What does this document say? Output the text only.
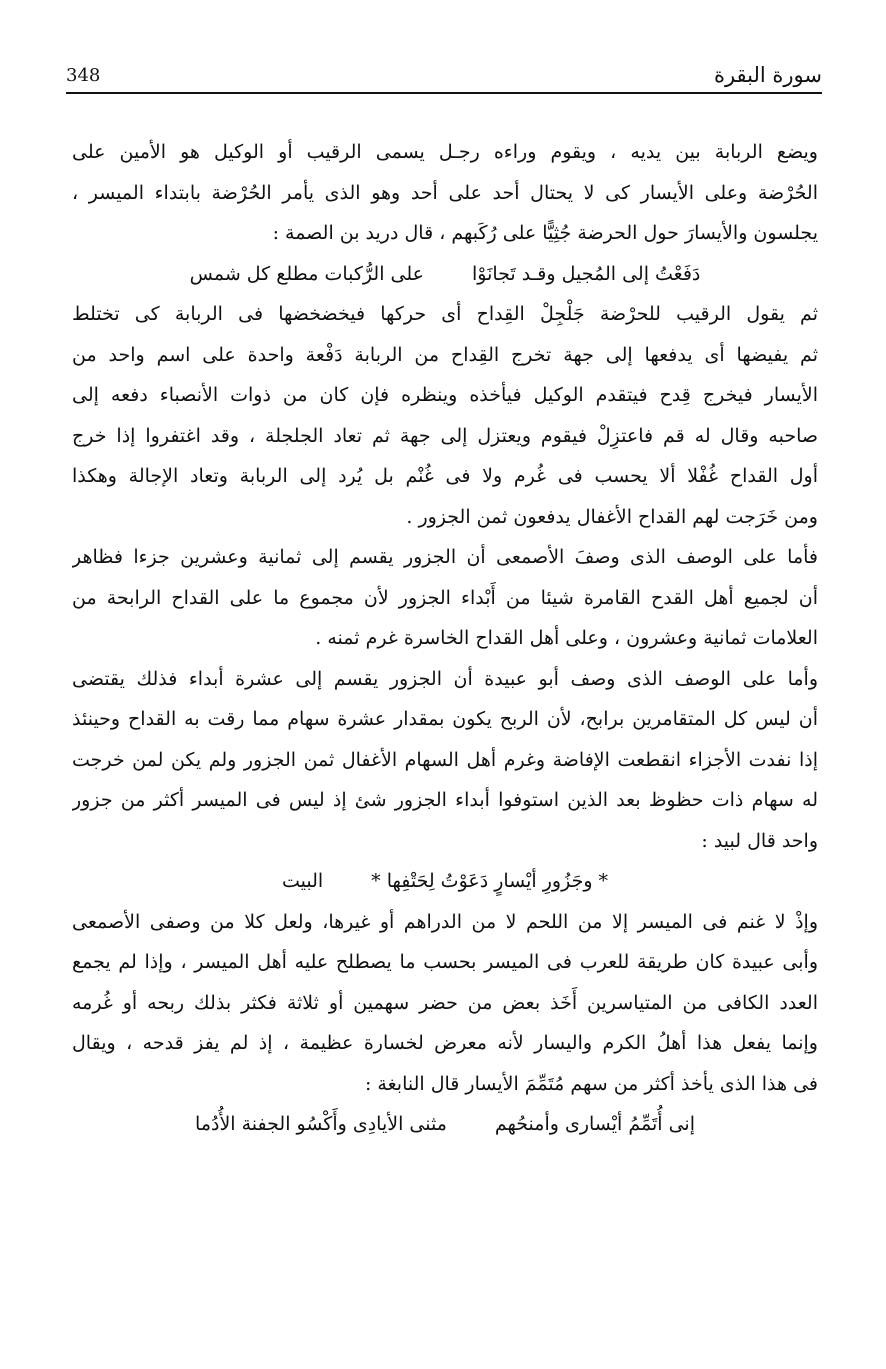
348	سورة البقرة
ويضع الربابة بين يديه ، ويقوم وراءه رجـل يسمى الرقيب أو الوكيل هو الأمين على
الحُرْضة وعلى الأيسار كى لا يحتال أحد على أحد وهو الذى يأمر الحُرْضة بابتداء الميسر ،
يجلسون والأيسارَ حول الحرضة جُثِيًّا على رُكَبهم ، قال دريد بن الصمة :
دَفَعْتُ إلى المُجيل وقـد تَجانَوْا
على الرُّكبات مطلع كل شمس
ثم يقول الرقيب للحرْضة جَلْجِلْ القِداح أى حركها فيخضخضها فى الربابة كى تختلط
ثم يفيضها أى يدفعها إلى جهة تخرج القِداح من الربابة دَفْعة واحدة على اسم واحد من
الأيسار فيخرج قِدح فيتقدم الوكيل فيأخذه وينظره فإن كان من ذوات الأنصباء دفعه إلى
صاحبه وقال له قم فاعتزِلْ فيقوم ويعتزل إلى جهة ثم تعاد الجلجلة ، وقد اغتفروا إذا خرج
أول القداح غُفْلا ألا يحسب فى غُرم ولا فى غُنْم بل يُرد إلى الربابة وتعاد الإجالة وهكذا
ومن خَرَجت لهم القداح الأغفال يدفعون ثمن الجزور .
فأما على الوصف الذى وصفَ الأصمعى أن الجزور يقسم إلى ثمانية وعشرين جزءا فظاهر
أن لجميع أهل القدح القامرة شيئا من أَبْداء الجزور لأن مجموع ما على القداح الرابحة من
العلامات ثمانية وعشرون ، وعلى أهل القداح الخاسرة غرم ثمنه .
وأما على الوصف الذى وصف أبو عبيدة أن الجزور يقسم إلى عشرة أبداء فذلك يقتضى
أن ليس كل المتقامرين برابح، لأن الربح يكون بمقدار عشرة سهام مما رقت به القداح وحينئذ
إذا نفدت الأجزاء انقطعت الإفاضة وغرم أهل السهام الأغفال ثمن الجزور ولم يكن لمن خرجت
له سهام ذات حظوظ بعد الذين استوفوا أبداء الجزور شئ إذ ليس فى الميسر أكثر من جزور
واحد قال لبيد :
* وجَزُورِ أيْسارٍ دَعَوْتُ لِحَتْفِها *
البيت
وإذْ لا غنم فى الميسر إلا من اللحم لا من الدراهم أو غيرها، ولعل كلا من وصفى الأصمعى
وأبى عبيدة كان طريقة للعرب فى الميسر بحسب ما يصطلح عليه أهل الميسر ، وإذا لم يجمع
العدد الكافى من المتياسرين أَخَذ بعض من حضر سهمين أو ثلاثة فكثر بذلك ربحه أو غُرمه
وإنما يفعل هذا أهلُ الكرم واليسار لأنه معرض لخسارة عظيمة ، إذ لم يفز قدحه ، ويقال
فى هذا الذى يأخذ أكثر من سهم مُتَمِّمَ الأيسار قال النابغة :
إنى أُتَمِّمُ أيْسارى وأمنحُهم
مثنى الأيادِى وأَكْسُو الجفنة الأُدُما
